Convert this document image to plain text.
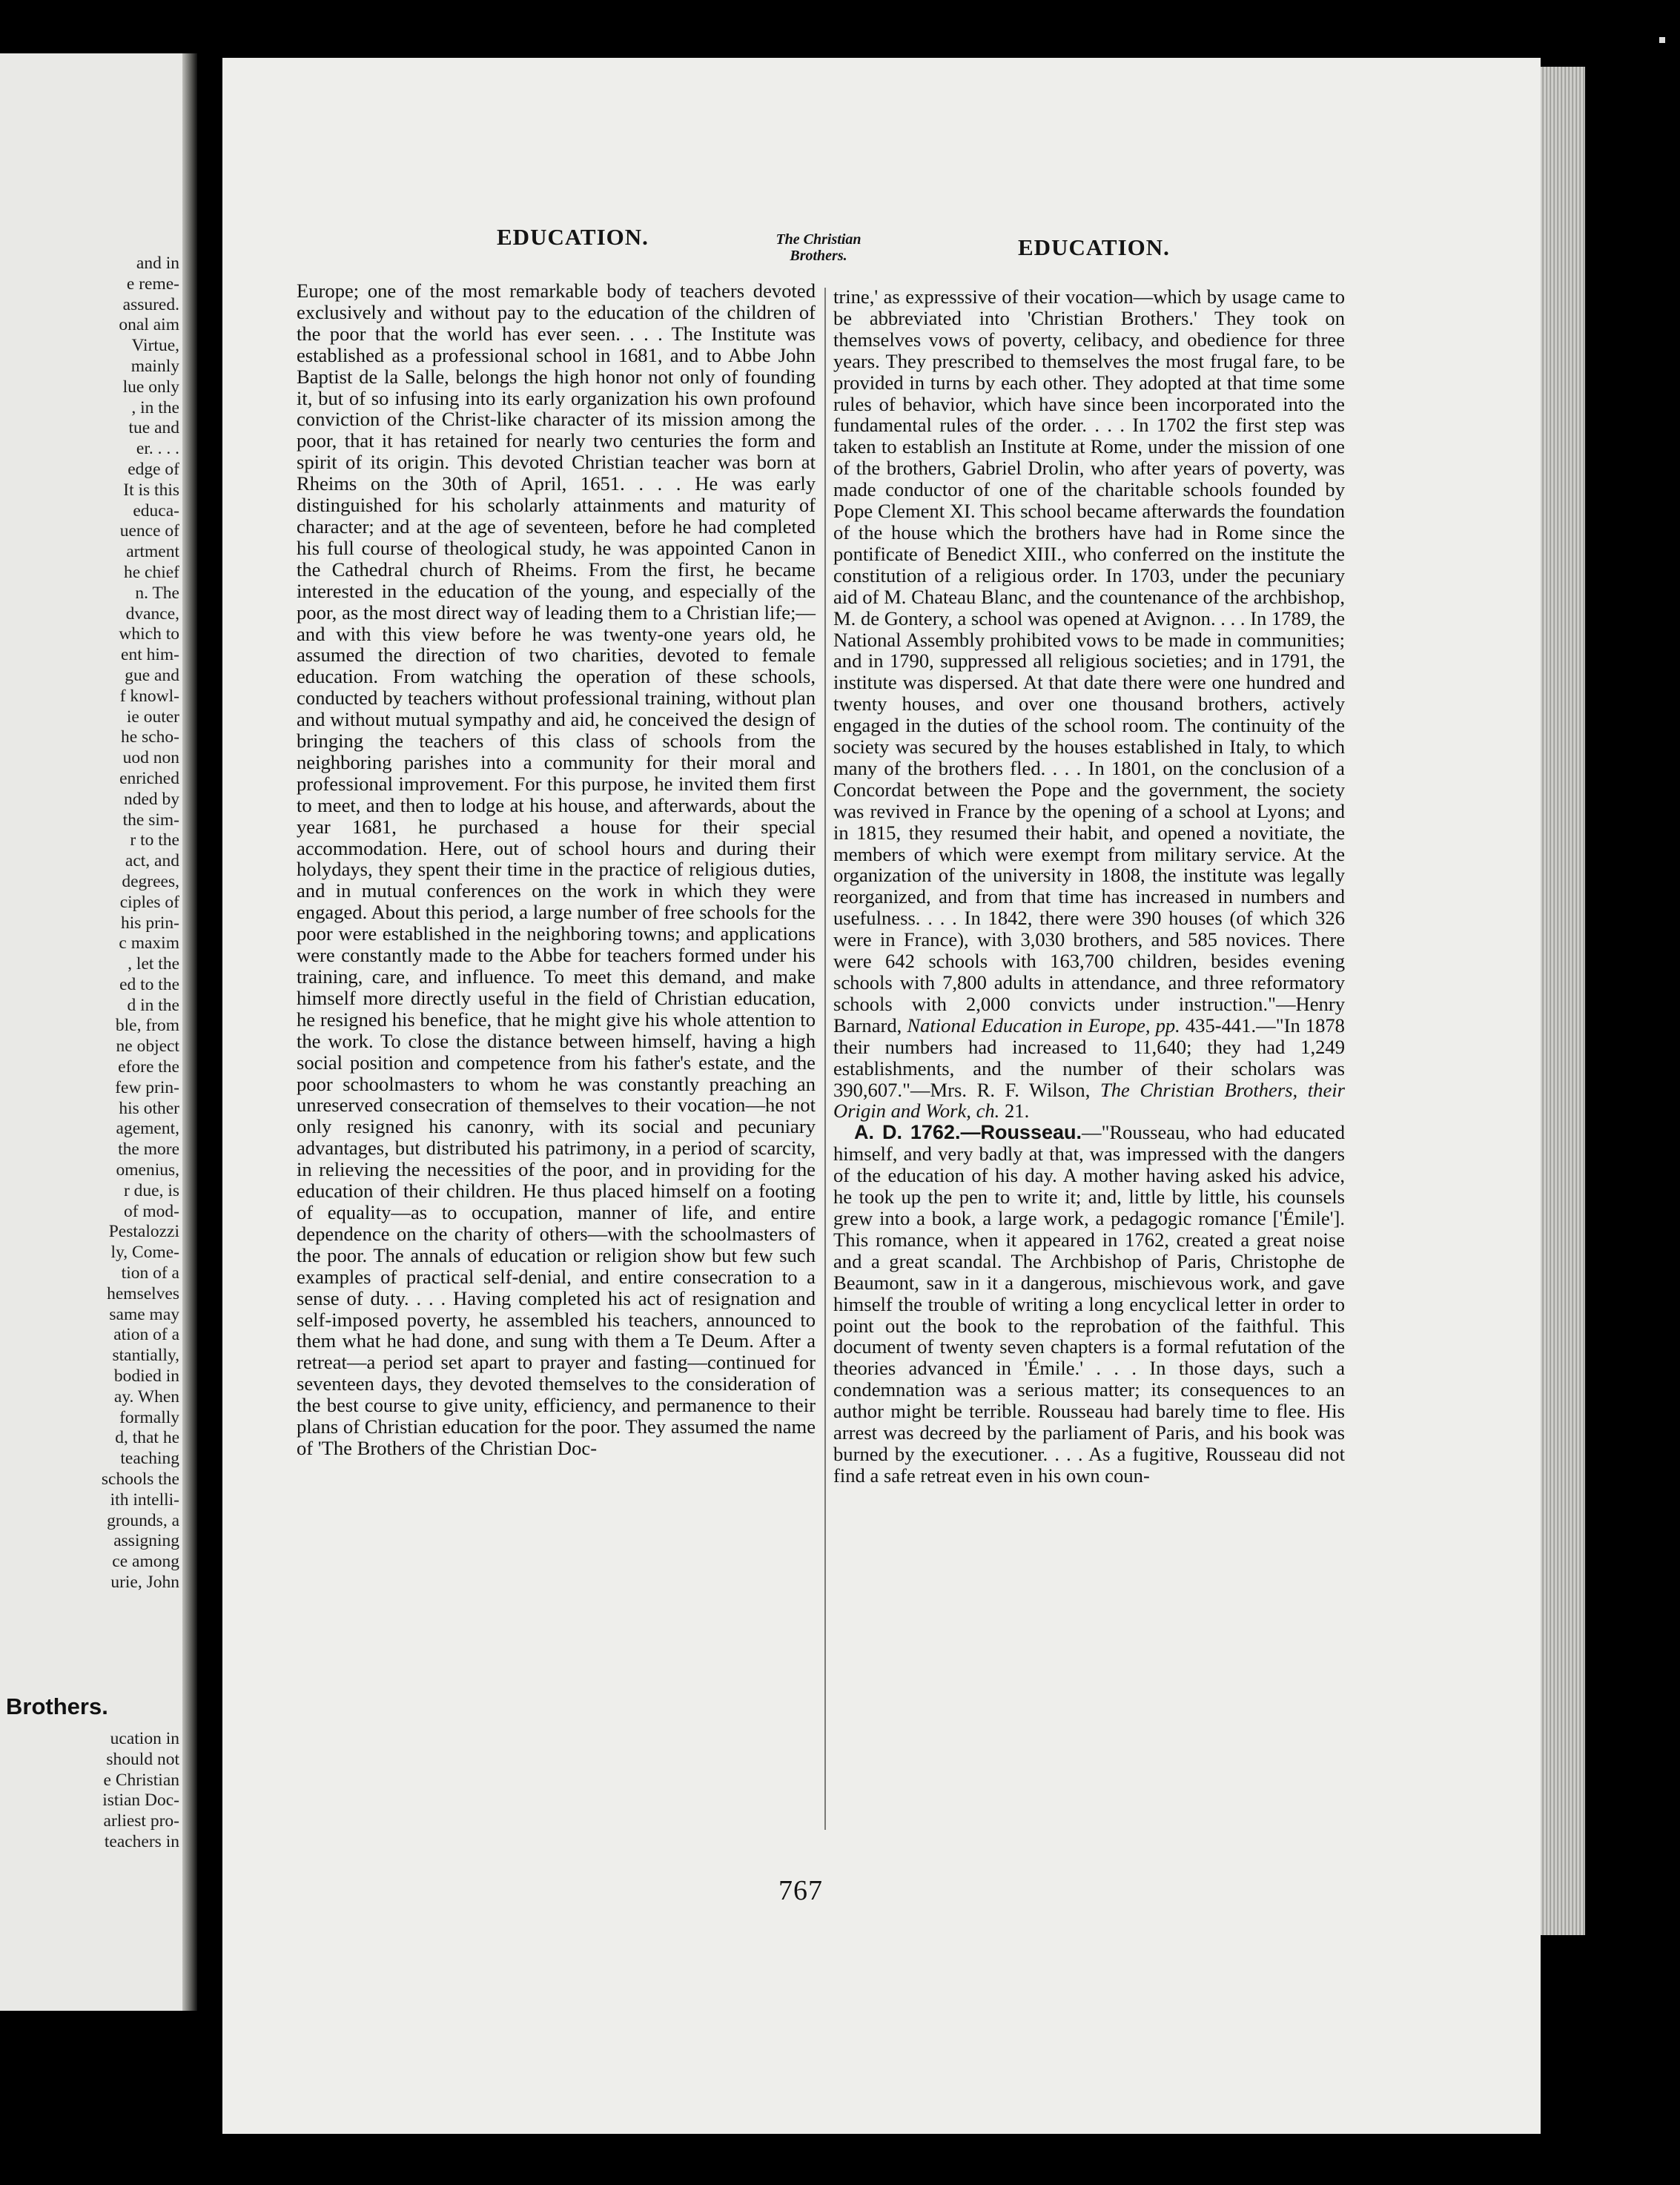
and in
e reme-
assured.
onal aim
Virtue,
mainly
lue only
, in the
tue and
er. . . .
edge of
It is this
educa-
uence of
artment
he chief
n. The
dvance,
which to
ent him-
gue and
f knowl-
ie outer
he scho-
uod non
enriched
nded by
the sim-
r to the
act, and
degrees,
ciples of
his prin-
c maxim
, let the
ed to the
d in the
ble, from
ne object
efore the
few prin-
his other
agement,
the more
omenius,
r due, is
of mod-
Pestalozzi
ly, Come-
tion of a
hemselves
same may
ation of a
stantially,
bodied in
ay. When
formally
d, that he
teaching
schools the
ith intelli-
grounds, a
assigning
ce among
urie, John
Brothers.
ucation in
should not
e Christian
istian Doc-
arliest pro-
teachers in
EDUCATION.	The Christian
Brothers.	EDUCATION.

Europe; one of the most remarkable body of teachers devoted exclusively and without pay to the education of the children of the poor that the world has ever seen. . . . The Institute was established as a professional school in 1681, and to Abbe John Baptist de la Salle, belongs the high honor not only of founding it, but of so infusing into its early organization his own profound conviction of the Christ-like character of its mission among the poor, that it has retained for nearly two centuries the form and spirit of its origin. This devoted Christian teacher was born at Rheims on the 30th of April, 1651. . . . He was early distinguished for his scholarly attainments and maturity of character; and at the age of seventeen, before he had completed his full course of theological study, he was appointed Canon in the Cathedral church of Rheims. From the first, he became interested in the education of the young, and especially of the poor, as the most direct way of leading them to a Christian life;—and with this view before he was twenty-one years old, he assumed the direction of two charities, devoted to female education. From watching the operation of these schools, conducted by teachers without professional training, without plan and without mutual sympathy and aid, he conceived the design of bringing the teachers of this class of schools from the neighboring parishes into a community for their moral and professional improvement. For this purpose, he invited them first to meet, and then to lodge at his house, and afterwards, about the year 1681, he purchased a house for their special accommodation. Here, out of school hours and during their holydays, they spent their time in the practice of religious duties, and in mutual conferences on the work in which they were engaged. About this period, a large number of free schools for the poor were established in the neighboring towns; and applications were constantly made to the Abbe for teachers formed under his training, care, and influence. To meet this demand, and make himself more directly useful in the field of Christian education, he resigned his benefice, that he might give his whole attention to the work. To close the distance between himself, having a high social position and competence from his father's estate, and the poor schoolmasters to whom he was constantly preaching an unreserved consecration of themselves to their vocation—he not only resigned his canonry, with its social and pecuniary advantages, but distributed his patrimony, in a period of scarcity, in relieving the necessities of the poor, and in providing for the education of their children. He thus placed himself on a footing of equality—as to occupation, manner of life, and entire dependence on the charity of others—with the schoolmasters of the poor. The annals of education or religion show but few such examples of practical self-denial, and entire consecration to a sense of duty. . . . Having completed his act of resignation and self-imposed poverty, he assembled his teachers, announced to them what he had done, and sung with them a Te Deum. After a retreat—a period set apart to prayer and fasting—continued for seventeen days, they devoted themselves to the consideration of the best course to give unity, efficiency, and permanence to their plans of Christian education for the poor. They assumed the name of 'The Brothers of the Christian Doc-

trine,' as expresssive of their vocation—which by usage came to be abbreviated into 'Christian Brothers.' They took on themselves vows of poverty, celibacy, and obedience for three years. They prescribed to themselves the most frugal fare, to be provided in turns by each other. They adopted at that time some rules of behavior, which have since been incorporated into the fundamental rules of the order. . . . In 1702 the first step was taken to establish an Institute at Rome, under the mission of one of the brothers, Gabriel Drolin, who after years of poverty, was made conductor of one of the charitable schools founded by Pope Clement XI. This school became afterwards the foundation of the house which the brothers have had in Rome since the pontificate of Benedict XIII., who conferred on the institute the constitution of a religious order. In 1703, under the pecuniary aid of M. Chateau Blanc, and the countenance of the archbishop, M. de Gontery, a school was opened at Avignon. . . . In 1789, the National Assembly prohibited vows to be made in communities; and in 1790, suppressed all religious societies; and in 1791, the institute was dispersed. At that date there were one hundred and twenty houses, and over one thousand brothers, actively engaged in the duties of the school room. The continuity of the society was secured by the houses established in Italy, to which many of the brothers fled. . . . In 1801, on the conclusion of a Concordat between the Pope and the government, the society was revived in France by the opening of a school at Lyons; and in 1815, they resumed their habit, and opened a novitiate, the members of which were exempt from military service. At the organization of the university in 1808, the institute was legally reorganized, and from that time has increased in numbers and usefulness. . . . In 1842, there were 390 houses (of which 326 were in France), with 3,030 brothers, and 585 novices. There were 642 schools with 163,700 children, besides evening schools with 7,800 adults in attendance, and three reformatory schools with 2,000 convicts under instruction."—Henry Barnard, National Education in Europe, pp. 435-441.—"In 1878 their numbers had increased to 11,640; they had 1,249 establishments, and the number of their scholars was 390,607."—Mrs. R. F. Wilson, The Christian Brothers, their Origin and Work, ch. 21.

A. D. 1762.—Rousseau.—"Rousseau, who had educated himself, and very badly at that, was impressed with the dangers of the education of his day. A mother having asked his advice, he took up the pen to write it; and, little by little, his counsels grew into a book, a large work, a pedagogic romance ['Émile']. This romance, when it appeared in 1762, created a great noise and a great scandal. The Archbishop of Paris, Christophe de Beaumont, saw in it a dangerous, mischievous work, and gave himself the trouble of writing a long encyclical letter in order to point out the book to the reprobation of the faithful. This document of twenty seven chapters is a formal refutation of the theories advanced in 'Émile.' . . . In those days, such a condemnation was a serious matter; its consequences to an author might be terrible. Rousseau had barely time to flee. His arrest was decreed by the parliament of Paris, and his book was burned by the executioner. . . . As a fugitive, Rousseau did not find a safe retreat even in his own coun-

767
